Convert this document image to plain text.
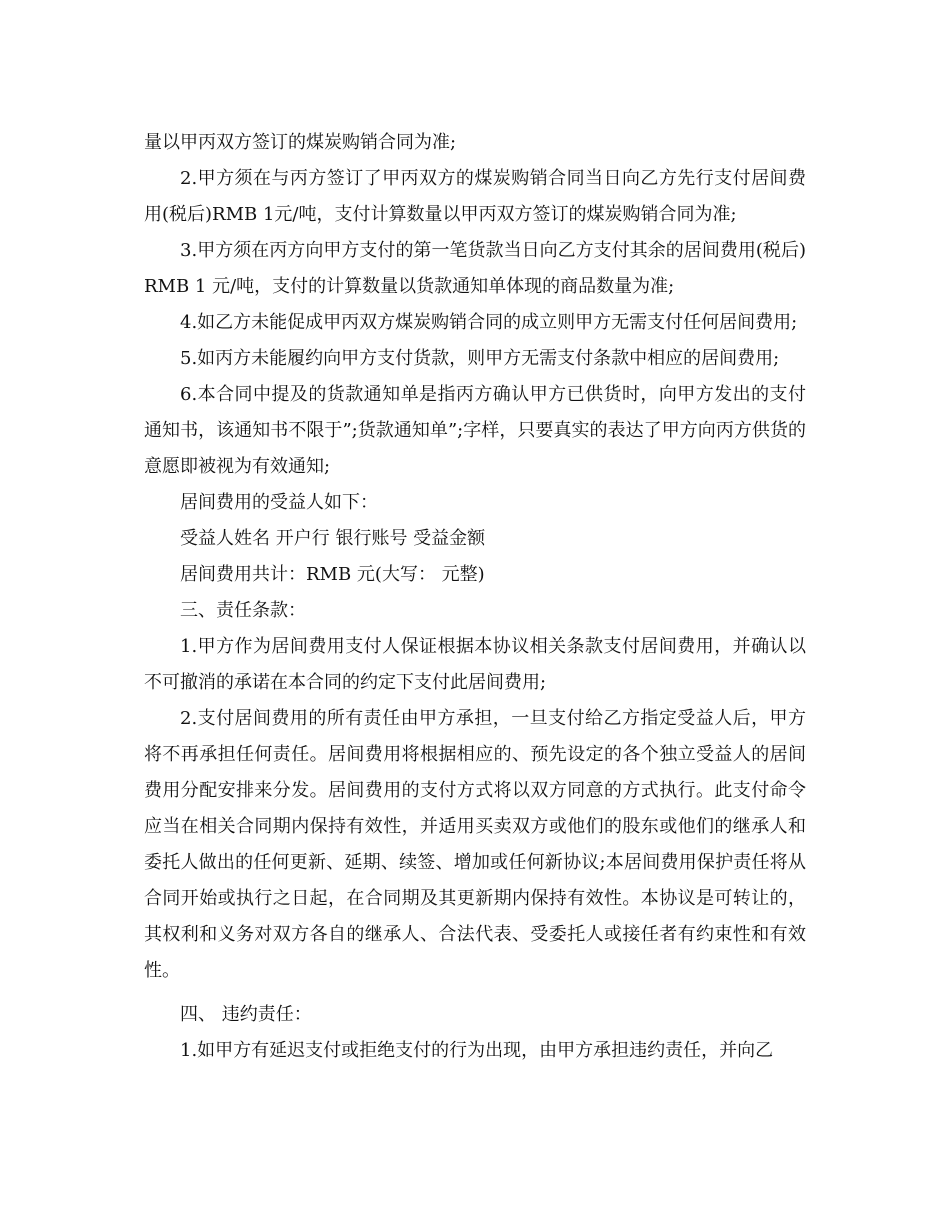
量以甲丙双方签订的煤炭购销合同为准;

2.甲方须在与丙方签订了甲丙双方的煤炭购销合同当日向乙方先行支付居间费用(税后)RMB 1元/吨，支付计算数量以甲丙双方签订的煤炭购销合同为准;

3.甲方须在丙方向甲方支付的第一笔货款当日向乙方支付其余的居间费用(税后)RMB 1 元/吨，支付的计算数量以货款通知单体现的商品数量为准;

4.如乙方未能促成甲丙双方煤炭购销合同的成立则甲方无需支付任何居间费用;

5.如丙方未能履约向甲方支付货款，则甲方无需支付条款中相应的居间费用;

6.本合同中提及的货款通知单是指丙方确认甲方已供货时，向甲方发出的支付通知书，该通知书不限于”;货款通知单”;字样，只要真实的表达了甲方向丙方供货的意愿即被视为有效通知;

居间费用的受益人如下：

受益人姓名 开户行 银行账号 受益金额

居间费用共计：RMB 元(大写： 元整)

三、责任条款：

1.甲方作为居间费用支付人保证根据本协议相关条款支付居间费用，并确认以不可撤消的承诺在本合同的约定下支付此居间费用;

2.支付居间费用的所有责任由甲方承担，一旦支付给乙方指定受益人后，甲方将不再承担任何责任。居间费用将根据相应的、预先设定的各个独立受益人的居间费用分配安排来分发。居间费用的支付方式将以双方同意的方式执行。此支付命令应当在相关合同期内保持有效性，并适用买卖双方或他们的股东或他们的继承人和委托人做出的任何更新、延期、续签、增加或任何新协议;本居间费用保护责任将从合同开始或执行之日起，在合同期及其更新期内保持有效性。本协议是可转让的，其权利和义务对双方各自的继承人、合法代表、受委托人或接任者有约束性和有效性。

四、 违约责任：

1.如甲方有延迟支付或拒绝支付的行为出现，由甲方承担违约责任，并向乙
